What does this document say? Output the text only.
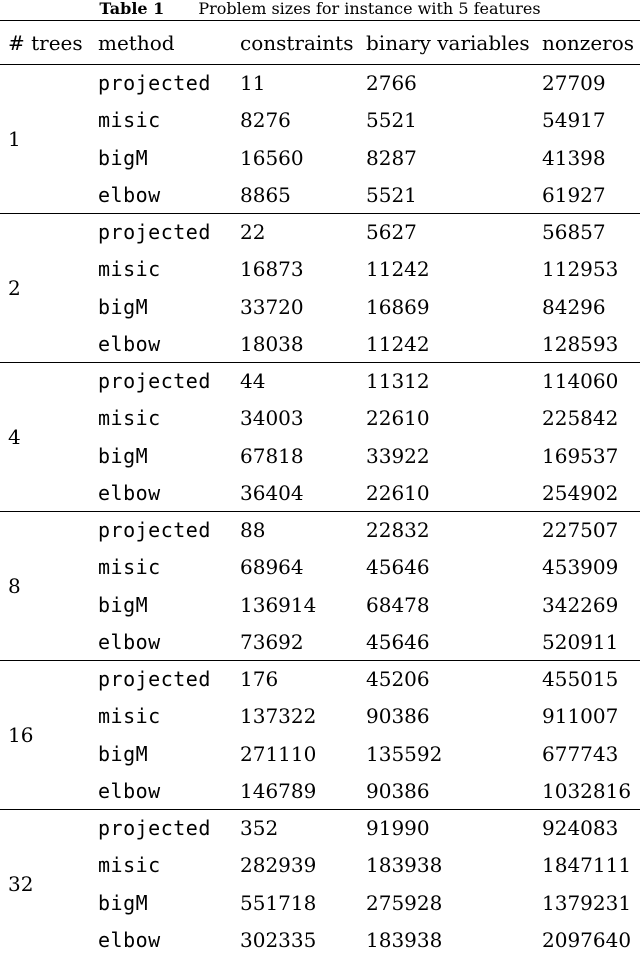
Table 1 Problem sizes for instance with 5 features
# trees	method	constraints	binary variables	nonzeros
1	projected	11	2766	27709
	misic	8276	5521	54917
	bigM	16560	8287	41398
	elbow	8865	5521	61927
2	projected	22	5627	56857
	misic	16873	11242	112953
	bigM	33720	16869	84296
	elbow	18038	11242	128593
4	projected	44	11312	114060
	misic	34003	22610	225842
	bigM	67818	33922	169537
	elbow	36404	22610	254902
8	projected	88	22832	227507
	misic	68964	45646	453909
	bigM	136914	68478	342269
	elbow	73692	45646	520911
16	projected	176	45206	455015
	misic	137322	90386	911007
	bigM	271110	135592	677743
	elbow	146789	90386	1032816
32	projected	352	91990	924083
	misic	282939	183938	1847111
	bigM	551718	275928	1379231
	elbow	302335	183938	2097640
